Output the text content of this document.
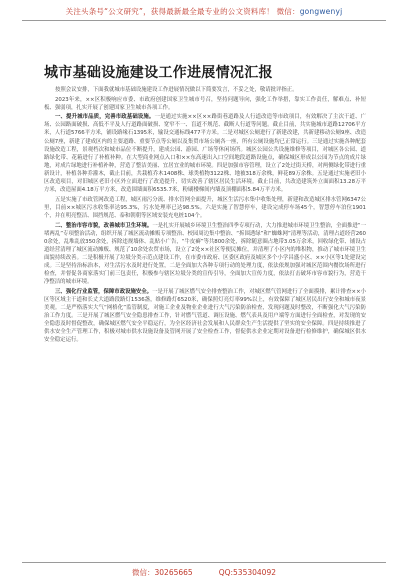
关注头条号“公文研究”，获得最新最全最专业的公文资料库！ 微信：gongwenyj
城市基础设施建设工作进展情况汇报

按照会议安排，下面我就城市基础设施建设工作进展情况做以下简要发言，不妥之处，敬请批评指正。

2023年来，××区积极响应市委、市政府创建国家卫生城市号召，坚持问题导向，强化工作举措，靠实工作责任，解难点、补短板、强弱项，扎实开展了创建国家卫生城市各项工作。

一、提升城市品质，完善市政基础设施。一是通过实施××区××路街巷道路及人行道改造等市政项目，有效解决了主次干道、广场、公园路面破损、高低不平及人行道路面破损、宽窄不一、盲道不规范、截断人行道等问题。截止目前，共实施城市道路12706平方米，人行道5766平方米，铺设路缘石1395米，输设交通标线477平方米。二是对城区公厕进行了新建改建，共新建移动公厕9座、改造公厕7座，新建了建成区内的主要道路、重要节点等公厕以及集贸市场公厕各一座，所有公厕设施均已正常运行。三是通过实施各种配套设施改造工程，景观档次和城市品位不断提升，建成公园、游园、广场等休闲场所。城区公园公共设施维修等项目，对城区各公园、道路绿化带、花箱进行了补植补种。在大型商业网点入口和××东高速出入口空间地段道路设施点，确保城区形成以公园为节点的成片绿地，对成片绿地进行补植补种，营造了整洁美丽、宜居宜业的城市环境。四是加强市容管理，设立了2处过街天桥，对两侧绿化带进行重新设计，补植各种乔灌木，截止目前，共栽植乔木1408株、球类植物3122株、地被318万余株，鲜花89万余株。五是通过实施老旧小区改造项目，对旧城区老旧小区外立面进行了改造提升，切实改善了辖区居民生活环境。截止目前，共改造建筑外立面面积13.28万平方米，改造屋面4.18万平方米，改造围墙面积6535.7米，粉刷楼梯间内墙及顶棚面积5.84万平方米。

五是实施了市政管网改造工程，城区雨污分流、排水管网全面提升，城区生活污水集中收集处理，新建和改造城区排水管网6347公里，目前××城区污水收集率达95.3%，污水处理率已达98.5%。六是实施了智慧停车，建设完成停车场45个，智慧停车泊位1901个，并在明亮整洁、围挡规范、泰和朝朝等区域安装充电桩104个。

二、整治市容市貌，改善城市卫生环境。一是扎实开展城乡环境卫生整治四季专项行动，大力推进城市环境卫生整治，全面推进“一堵两乱”专项整治活动，组织开展了城区流动摊贩专项整治、校园周边集中整治、“拆围透绿”和“蜘蛛网”清理等活动，清理占道经营2600余处，乱堆乱放350余处，拆除违规墙体、乱贴小广告，“牛皮癣”等共800余处，拆除随意圈占地带3.05万余米，回收绿化带、铺设占道经营清理了城区流动摊贩、规范了10余处农贸市场，设立了2处××社区等便民摊位，并清理了小区内的堆积物，推动了城市环境卫生面貌持续改善。二是积极开展了垃圾分类示范点建设工作，在市委市政府、区委区政府及城区多个小学昌盛小区、××小区等1处建设完成。三是坚持治标治本，对生活污水及时进行处置，二是全面加大各种专项行动的处理力度，依法依规加强对城区范围内餐饮场所进行检查，并督促各商家落实门前三包责任，积极参与辖区垃圾分类的宣传引导，全面加大宣传力度，依法打击破坏市容市貌行为，营造干净整洁的城市环境。

三、强化行业监管，保障市政设施安全。一是开展了城区燃气安全排查整治工作，对城区燃气管网进行了全面摸排，累计排查××小区等区域主干道和长丈大道路段路灯1536盏，维修路灯6520米，确保照灯亮灯率99%以上，有效保障了城区居民出行安全和城市夜景美观。二是严格落实大气“网格化”监管制度，对施工企业及物业企业进行大气污染防治检查，发现问题及时整改，不断强化大气污染防治工作力度。三是开展了城区燃气安全隐患排查工作，针对燃气管道、调压设施、燃气表具及用户端等方面进行全面检查，对发现的安全隐患及时督促整改，确保城区燃气安全平稳运行，为全区经济社会发展和人民群众生产生活提供了坚实的安全保障。四是持续推进了供水安全生产管理工作，积极对城市供水设施设备及管网开展了安全检查工作，督促供水企业定期对设备进行检修维护，确保城区供水安全稳定运行。

微信：30265665	QQ:535304092
